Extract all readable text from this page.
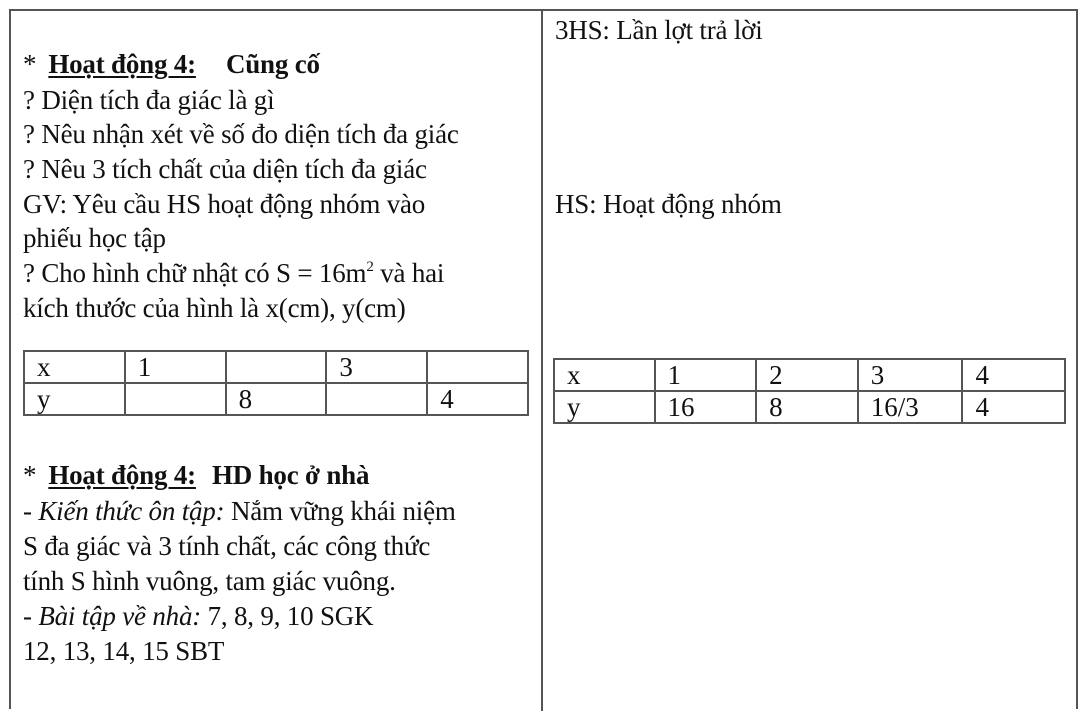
* Hoạt động 4: Cũng cố
? Diện tích đa giác là gì
? Nêu nhận xét về số đo diện tích đa giác
? Nêu 3 tích chất của diện tích đa giác
GV: Yêu cầu HS hoạt động nhóm vào
phiếu học tập
? Cho hình chữ nhật có $S = 16m^2$ và hai
kích thước của hình là x(cm), y(cm)
x	1		3	
y		8		4
* Hoạt động 4: HD học ở nhà
- Kiến thức ôn tập: Nắm vững khái niệm
S đa giác và 3 tính chất, các công thức
tính S hình vuông, tam giác vuông.
- Bài tập về nhà: 7, 8, 9, 10 SGK
12, 13, 14, 15 SBT
3HS: Lần lợt trả lời
HS: Hoạt động nhóm
x	1	2	3	4
y	16	8	16/3	4
